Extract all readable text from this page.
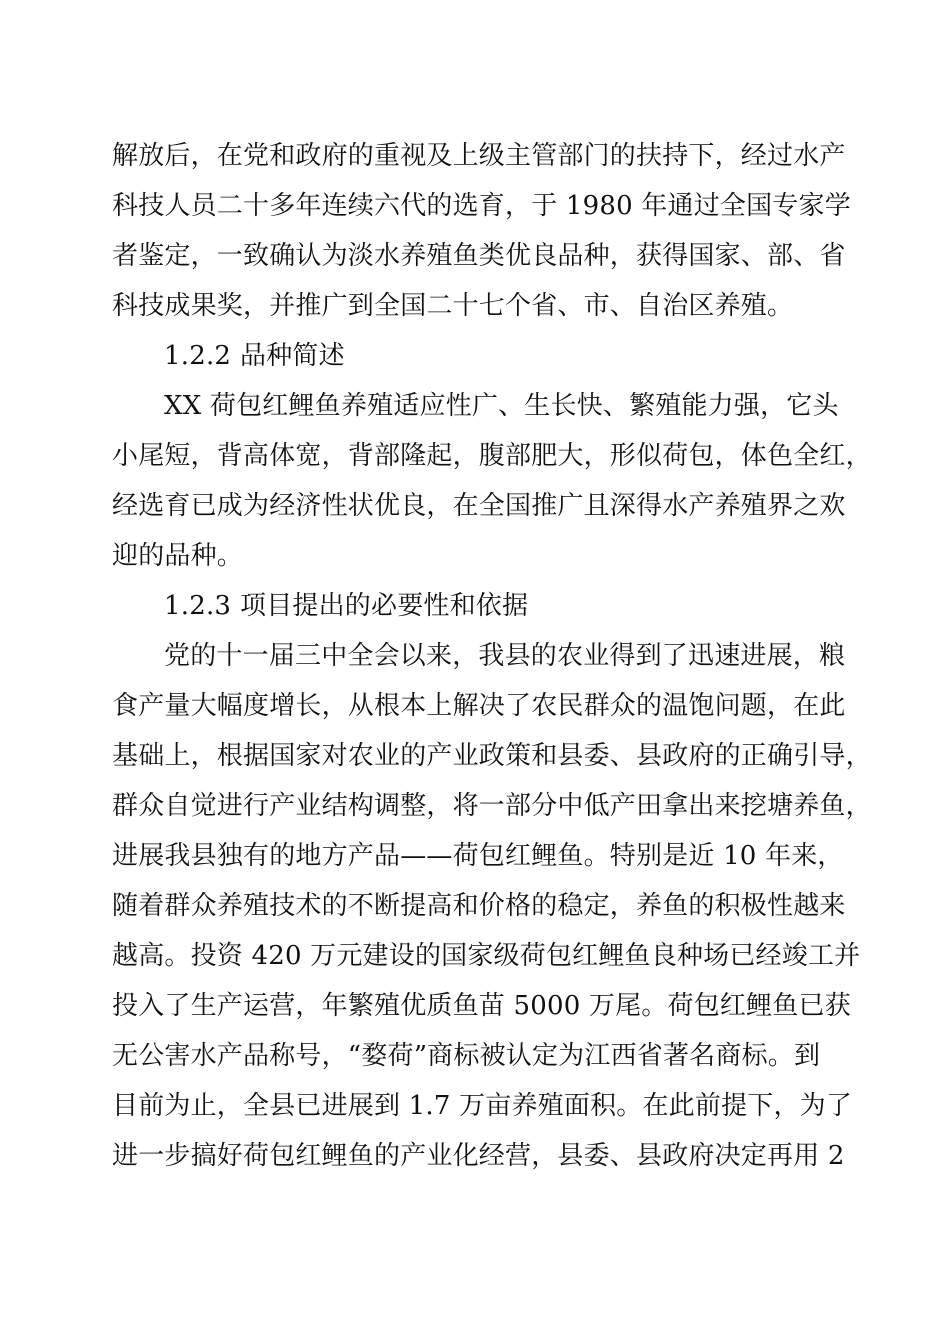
解放后，在党和政府的重视及上级主管部门的扶持下，经过水产
科技人员二十多年连续六代的选育，于 1980 年通过全国专家学
者鉴定，一致确认为淡水养殖鱼类优良品种，获得国家、部、省
科技成果奖，并推广到全国二十七个省、市、自治区养殖。
1.2.2 品种简述
XX 荷包红鲤鱼养殖适应性广、生长快、繁殖能力强，它头
小尾短，背高体宽，背部隆起，腹部肥大，形似荷包，体色全红，
经选育已成为经济性状优良，在全国推广且深得水产养殖界之欢
迎的品种。
1.2.3 项目提出的必要性和依据
党的十一届三中全会以来，我县的农业得到了迅速进展，粮
食产量大幅度增长，从根本上解决了农民群众的温饱问题，在此
基础上，根据国家对农业的产业政策和县委、县政府的正确引导，
群众自觉进行产业结构调整，将一部分中低产田拿出来挖塘养鱼，
进展我县独有的地方产品——荷包红鲤鱼。特别是近 10 年来，
随着群众养殖技术的不断提高和价格的稳定，养鱼的积极性越来
越高。投资 420 万元建设的国家级荷包红鲤鱼良种场已经竣工并
投入了生产运营，年繁殖优质鱼苗 5000 万尾。荷包红鲤鱼已获
无公害水产品称号，“婺荷”商标被认定为江西省著名商标。到
目前为止，全县已进展到 1.7 万亩养殖面积。在此前提下，为了
进一步搞好荷包红鲤鱼的产业化经营，县委、县政府决定再用 2
